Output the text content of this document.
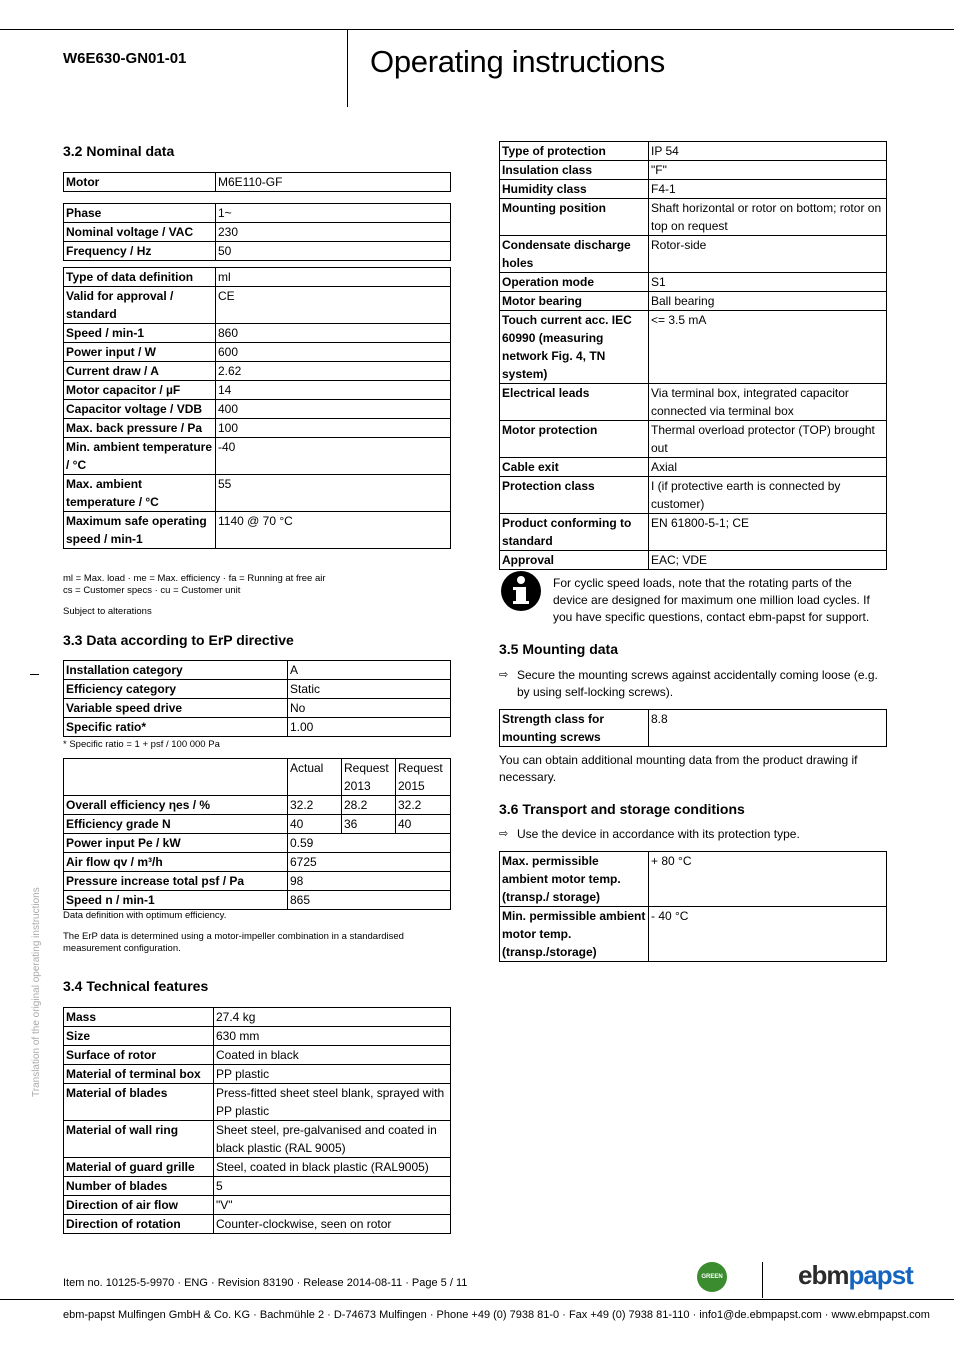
W6E630-GN01-01	Operating instructions
Translation of the original operating instructions
3.2 Nominal data
Motor	M6E110-GF
Phase	1~
Nominal voltage / VAC	230
Frequency / Hz	50
Type of data definition	ml
Valid for approval / standard	CE
Speed / min-1	860
Power input / W	600
Current draw / A	2.62
Motor capacitor / µF	14
Capacitor voltage / VDB	400
Max. back pressure / Pa	100
Min. ambient temperature / °C	-40
Max. ambient temperature / °C	55
Maximum safe operating speed / min-1	1140 @ 70 °C
ml = Max. load · me = Max. efficiency · fa = Running at free air
cs = Customer specs · cu = Customer unit
Subject to alterations
3.3 Data according to ErP directive
Installation category	A
Efficiency category	Static
Variable speed drive	No
Specific ratio*	1.00
* Specific ratio = 1 + psf / 100 000 Pa
	Actual	Request 2013	Request 2015
Overall efficiency ηes / %	32.2	28.2	32.2
Efficiency grade N	40	36	40
Power input Pe / kW	0.59		
Air flow qv / m³/h	6725		
Pressure increase total psf / Pa	98		
Speed n / min-1	865		
Data definition with optimum efficiency.
The ErP data is determined using a motor-impeller combination in a standardised measurement configuration.
3.4 Technical features
Mass	27.4 kg
Size	630 mm
Surface of rotor	Coated in black
Material of terminal box	PP plastic
Material of blades	Press-fitted sheet steel blank, sprayed with PP plastic
Material of wall ring	Sheet steel, pre-galvanised and coated in black plastic (RAL 9005)
Material of guard grille	Steel, coated in black plastic (RAL9005)
Number of blades	5
Direction of air flow	"V"
Direction of rotation	Counter-clockwise, seen on rotor
Type of protection	IP 54
Insulation class	"F"
Humidity class	F4-1
Mounting position	Shaft horizontal or rotor on bottom; rotor on top on request
Condensate discharge holes	Rotor-side
Operation mode	S1
Motor bearing	Ball bearing
Touch current acc. IEC 60990 (measuring network Fig. 4, TN system)	<= 3.5 mA
Electrical leads	Via terminal box, integrated capacitor connected via terminal box
Motor protection	Thermal overload protector (TOP) brought out
Cable exit	Axial
Protection class	I (if protective earth is connected by customer)
Product conforming to standard	EN 61800-5-1; CE
Approval	EAC; VDE
For cyclic speed loads, note that the rotating parts of the device are designed for maximum one million load cycles. If you have specific questions, contact ebm-papst for support.
3.5 Mounting data
⇨ Secure the mounting screws against accidentally coming loose (e.g. by using self-locking screws).
Strength class for mounting screws	8.8
You can obtain additional mounting data from the product drawing if necessary.
3.6 Transport and storage conditions
⇨ Use the device in accordance with its protection type.
Max. permissible ambient motor temp. (transp./ storage)	+ 80 °C
Min. permissible ambient motor temp. (transp./storage)	- 40 °C
Item no. 10125-5-9970 · ENG · Revision 83190 · Release 2014-08-11 · Page 5 / 11	GREEN TECH
ebmpapst
ebm-papst Mulfingen GmbH & Co. KG · Bachmühle 2 · D-74673 Mulfingen · Phone +49 (0) 7938 81-0 · Fax +49 (0) 7938 81-110 · info1@de.ebmpapst.com · www.ebmpapst.com
